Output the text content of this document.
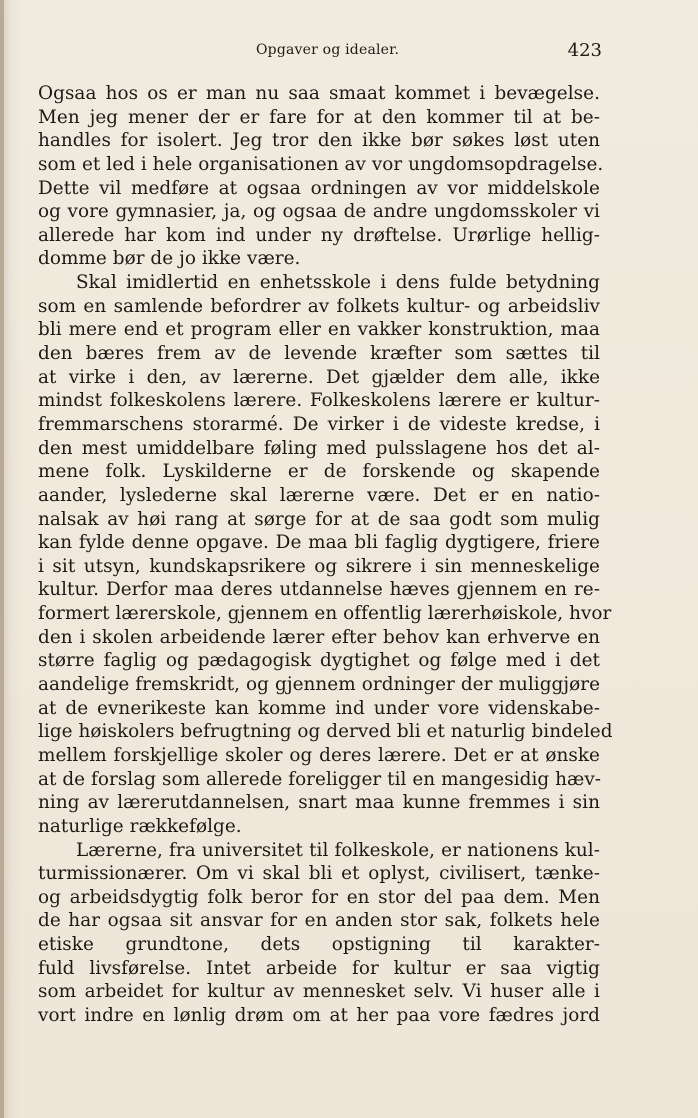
Opgaver og idealer.	423
Ogsaa hos os er man nu saa smaat kommet i bevægelse.
Men jeg mener der er fare for at den kommer til at be-
handles for isolert. Jeg tror den ikke bør søkes løst uten
som et led i hele organisationen av vor ungdomsopdragelse.
Dette vil medføre at ogsaa ordningen av vor middelskole
og vore gymnasier, ja, og ogsaa de andre ungdomsskoler vi
allerede har kom ind under ny drøftelse. Urørlige hellig-
domme bør de jo ikke være.
Skal imidlertid en enhetsskole i dens fulde betydning
som en samlende befordrer av folkets kultur- og arbeidsliv
bli mere end et program eller en vakker konstruktion, maa
den bæres frem av de levende kræfter som sættes til
at virke i den, av lærerne. Det gjælder dem alle, ikke
mindst folkeskolens lærere. Folkeskolens lærere er kultur-
fremmarschens storarmé. De virker i de videste kredse, i
den mest umiddelbare føling med pulsslagene hos det al-
mene folk. Lyskilderne er de forskende og skapende
aander, lyslederne skal lærerne være. Det er en natio-
nalsak av høi rang at sørge for at de saa godt som mulig
kan fylde denne opgave. De maa bli faglig dygtigere, friere
i sit utsyn, kundskapsrikere og sikrere i sin menneskelige
kultur. Derfor maa deres utdannelse hæves gjennem en re-
formert lærerskole, gjennem en offentlig lærerhøiskole, hvor
den i skolen arbeidende lærer efter behov kan erhverve en
større faglig og pædagogisk dygtighet og følge med i det
aandelige fremskridt, og gjennem ordninger der muliggjøre
at de evnerikeste kan komme ind under vore videnskabe-
lige høiskolers befrugtning og derved bli et naturlig bindeled
mellem forskjellige skoler og deres lærere. Det er at ønske
at de forslag som allerede foreligger til en mangesidig hæv-
ning av lærerutdannelsen, snart maa kunne fremmes i sin
naturlige rækkefølge.
Lærerne, fra universitet til folkeskole, er nationens kul-
turmissionærer. Om vi skal bli et oplyst, civilisert, tænke-
og arbeidsdygtig folk beror for en stor del paa dem. Men
de har ogsaa sit ansvar for en anden stor sak, folkets hele
etiske grundtone, dets opstigning til karakter-
fuld livsførelse. Intet arbeide for kultur er saa vigtig
som arbeidet for kultur av mennesket selv. Vi huser alle i
vort indre en lønlig drøm om at her paa vore fædres jord
